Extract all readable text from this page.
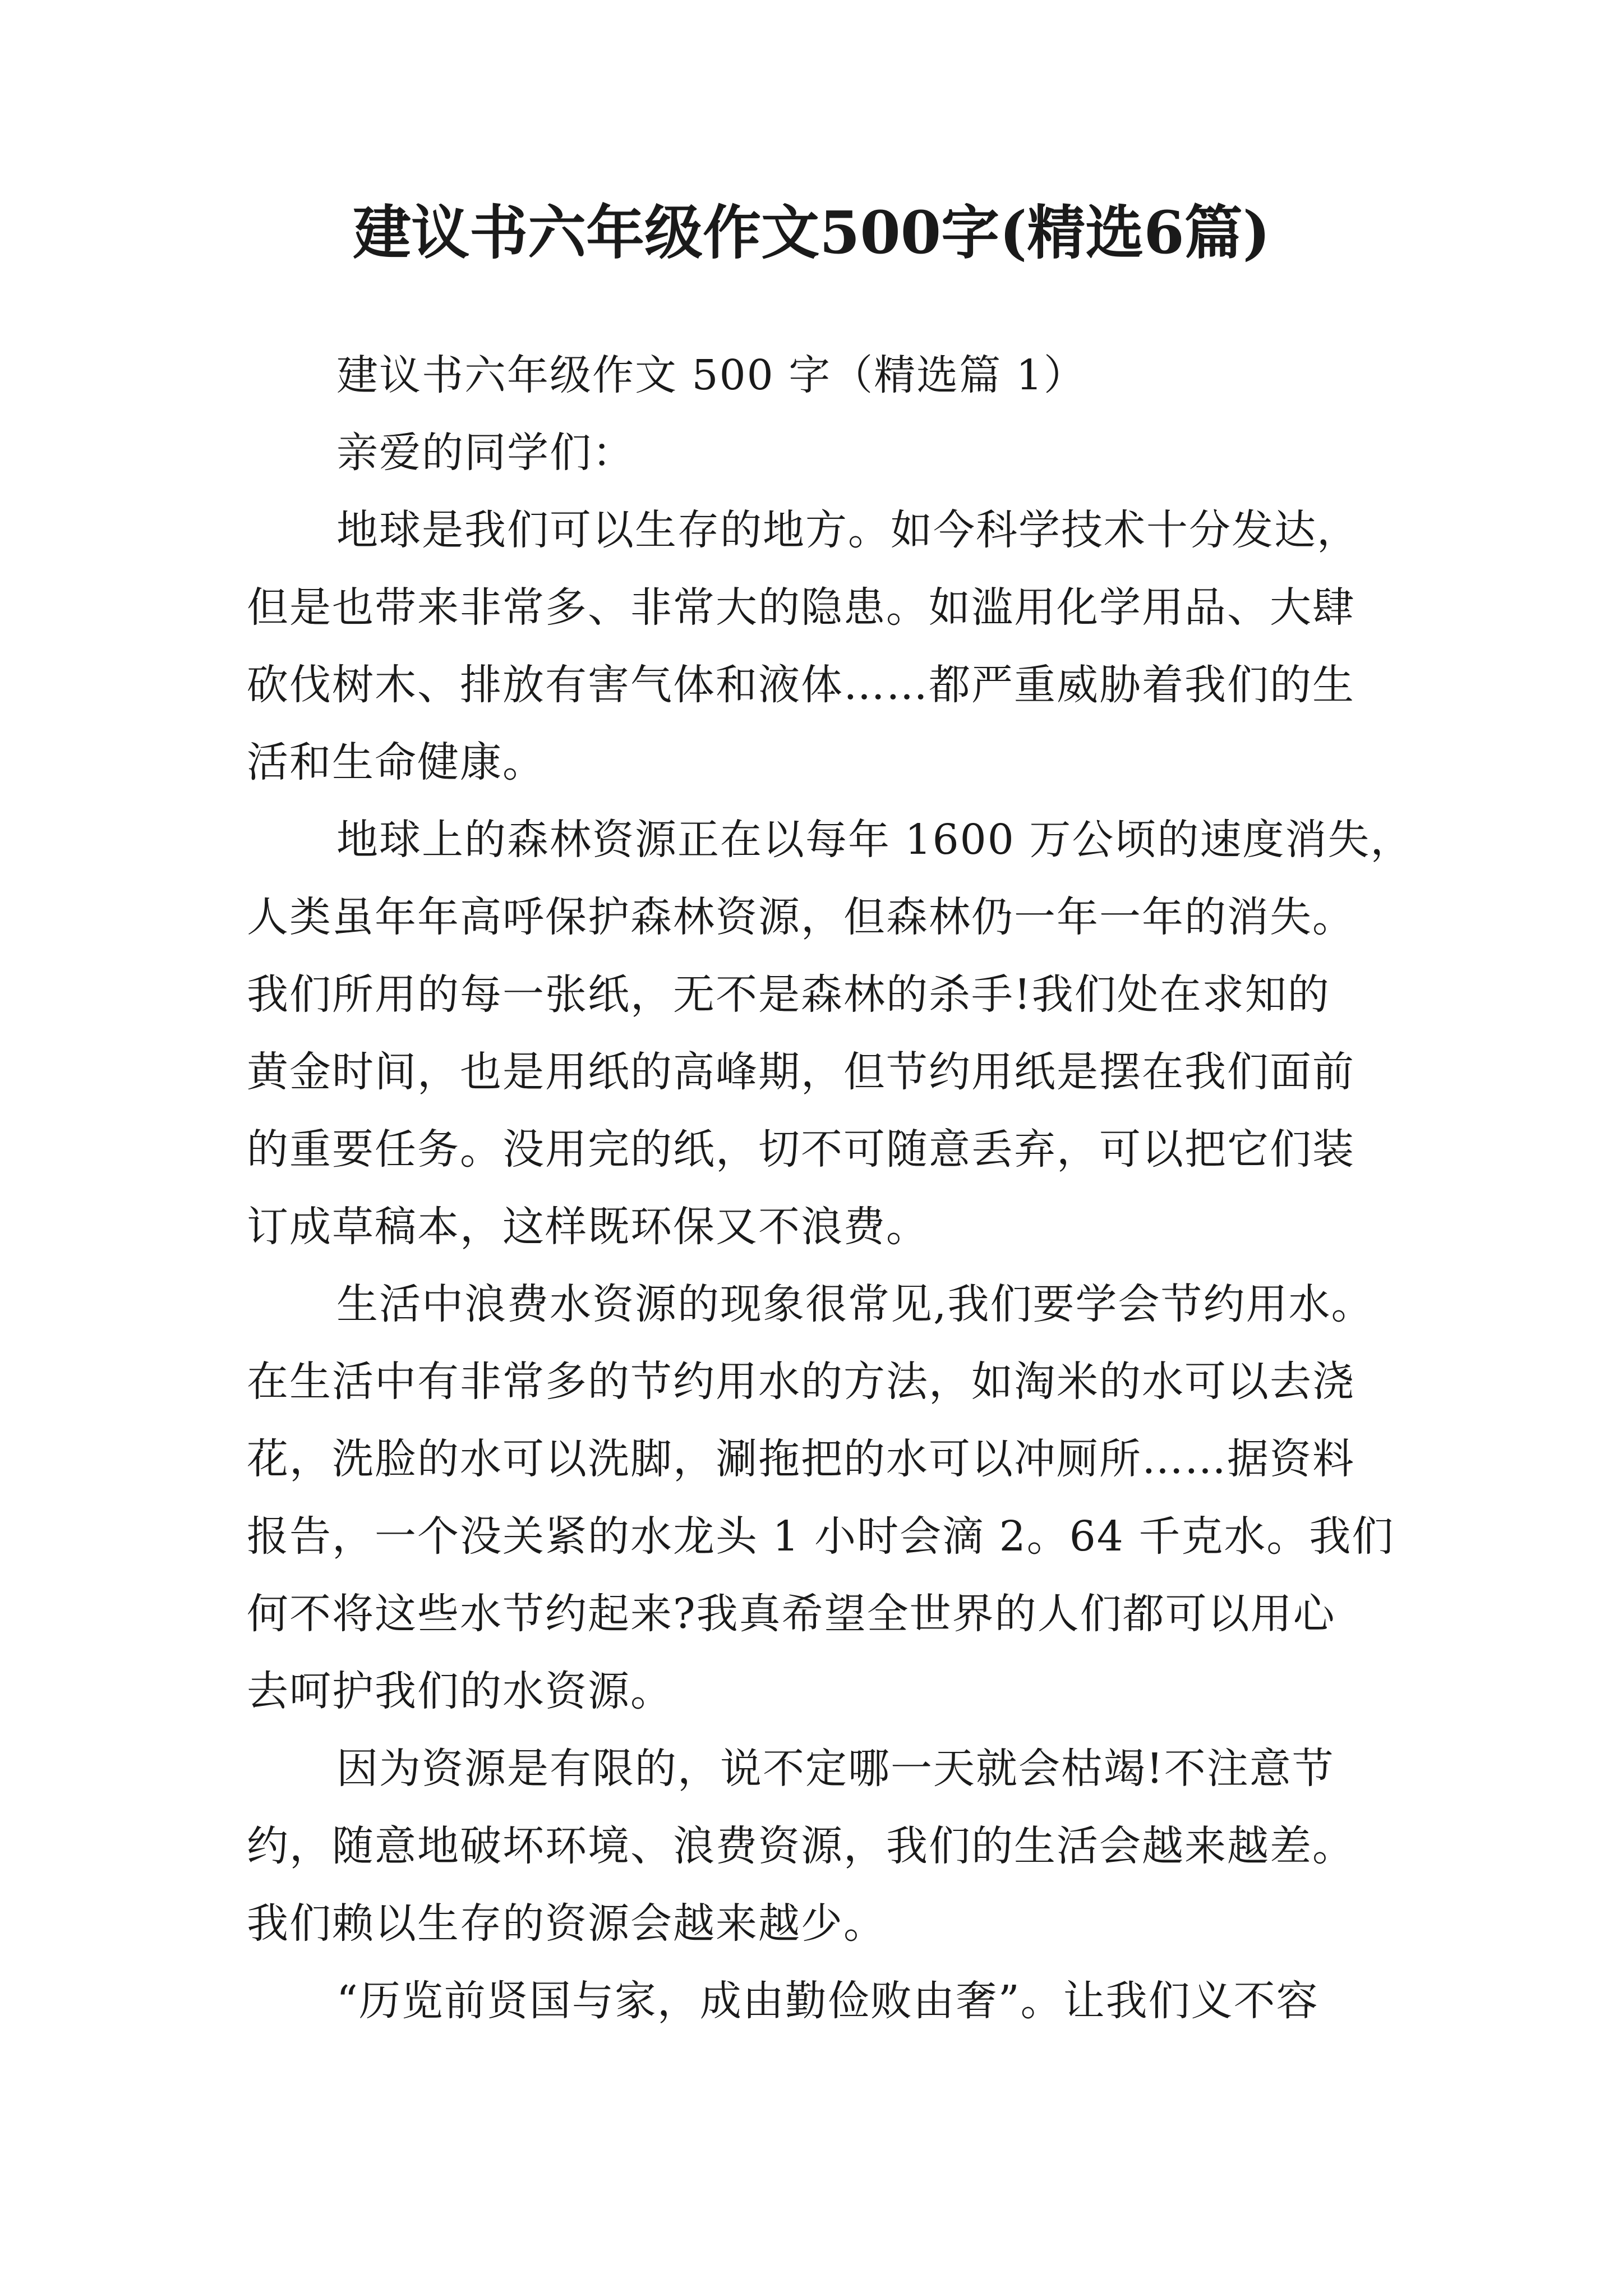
建议书六年级作文500字(精选6篇)
建议书六年级作文 500 字（精选篇 1）
亲爱的同学们：
地球是我们可以生存的地方。如今科学技术十分发达，
但是也带来非常多、非常大的隐患。如滥用化学用品、大肆
砍伐树木、排放有害气体和液体……都严重威胁着我们的生
活和生命健康。
地球上的森林资源正在以每年 1600 万公顷的速度消失，
人类虽年年高呼保护森林资源，但森林仍一年一年的消失。
我们所用的每一张纸，无不是森林的杀手!我们处在求知的
黄金时间，也是用纸的高峰期，但节约用纸是摆在我们面前
的重要任务。没用完的纸，切不可随意丢弃，可以把它们装
订成草稿本，这样既环保又不浪费。
生活中浪费水资源的现象很常见,我们要学会节约用水。
在生活中有非常多的节约用水的方法，如淘米的水可以去浇
花，洗脸的水可以洗脚，涮拖把的水可以冲厕所……据资料
报告，一个没关紧的水龙头 1 小时会滴 2。64 千克水。我们
何不将这些水节约起来?我真希望全世界的人们都可以用心
去呵护我们的水资源。
因为资源是有限的，说不定哪一天就会枯竭!不注意节
约，随意地破坏环境、浪费资源，我们的生活会越来越差。
我们赖以生存的资源会越来越少。
“历览前贤国与家，成由勤俭败由奢”。让我们义不容
